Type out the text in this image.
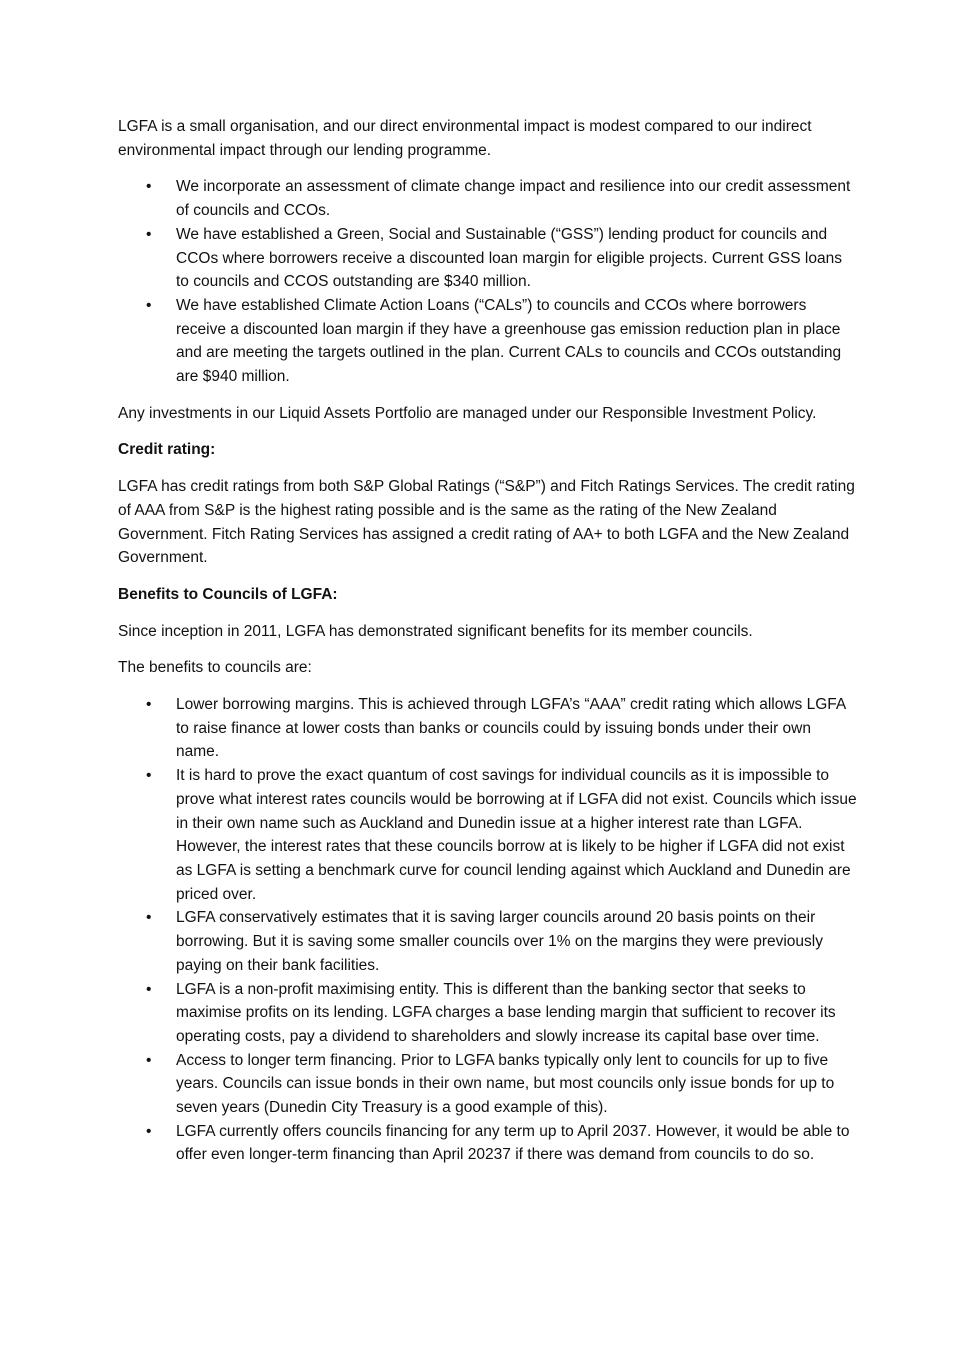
LGFA is a small organisation, and our direct environmental impact is modest compared to our indirect environmental impact through our lending programme.

• We incorporate an assessment of climate change impact and resilience into our credit assessment of councils and CCOs.
• We have established a Green, Social and Sustainable (“GSS”) lending product for councils and CCOs where borrowers receive a discounted loan margin for eligible projects. Current GSS loans to councils and CCOS outstanding are $340 million.
• We have established Climate Action Loans (“CALs”) to councils and CCOs where borrowers receive a discounted loan margin if they have a greenhouse gas emission reduction plan in place and are meeting the targets outlined in the plan. Current CALs to councils and CCOs outstanding are $940 million.

Any investments in our Liquid Assets Portfolio are managed under our Responsible Investment Policy.

Credit rating:

LGFA has credit ratings from both S&P Global Ratings (“S&P”) and Fitch Ratings Services. The credit rating of AAA from S&P is the highest rating possible and is the same as the rating of the New Zealand Government. Fitch Rating Services has assigned a credit rating of AA+ to both LGFA and the New Zealand Government.

Benefits to Councils of LGFA:

Since inception in 2011, LGFA has demonstrated significant benefits for its member councils.

The benefits to councils are:

• Lower borrowing margins. This is achieved through LGFA’s “AAA” credit rating which allows LGFA to raise finance at lower costs than banks or councils could by issuing bonds under their own name.
• It is hard to prove the exact quantum of cost savings for individual councils as it is impossible to prove what interest rates councils would be borrowing at if LGFA did not exist. Councils which issue in their own name such as Auckland and Dunedin issue at a higher interest rate than LGFA. However, the interest rates that these councils borrow at is likely to be higher if LGFA did not exist as LGFA is setting a benchmark curve for council lending against which Auckland and Dunedin are priced over.
• LGFA conservatively estimates that it is saving larger councils around 20 basis points on their borrowing. But it is saving some smaller councils over 1% on the margins they were previously paying on their bank facilities.
• LGFA is a non-profit maximising entity. This is different than the banking sector that seeks to maximise profits on its lending. LGFA charges a base lending margin that sufficient to recover its operating costs, pay a dividend to shareholders and slowly increase its capital base over time.
• Access to longer term financing. Prior to LGFA banks typically only lent to councils for up to five years. Councils can issue bonds in their own name, but most councils only issue bonds for up to seven years (Dunedin City Treasury is a good example of this).
• LGFA currently offers councils financing for any term up to April 2037. However, it would be able to offer even longer-term financing than April 20237 if there was demand from councils to do so.
